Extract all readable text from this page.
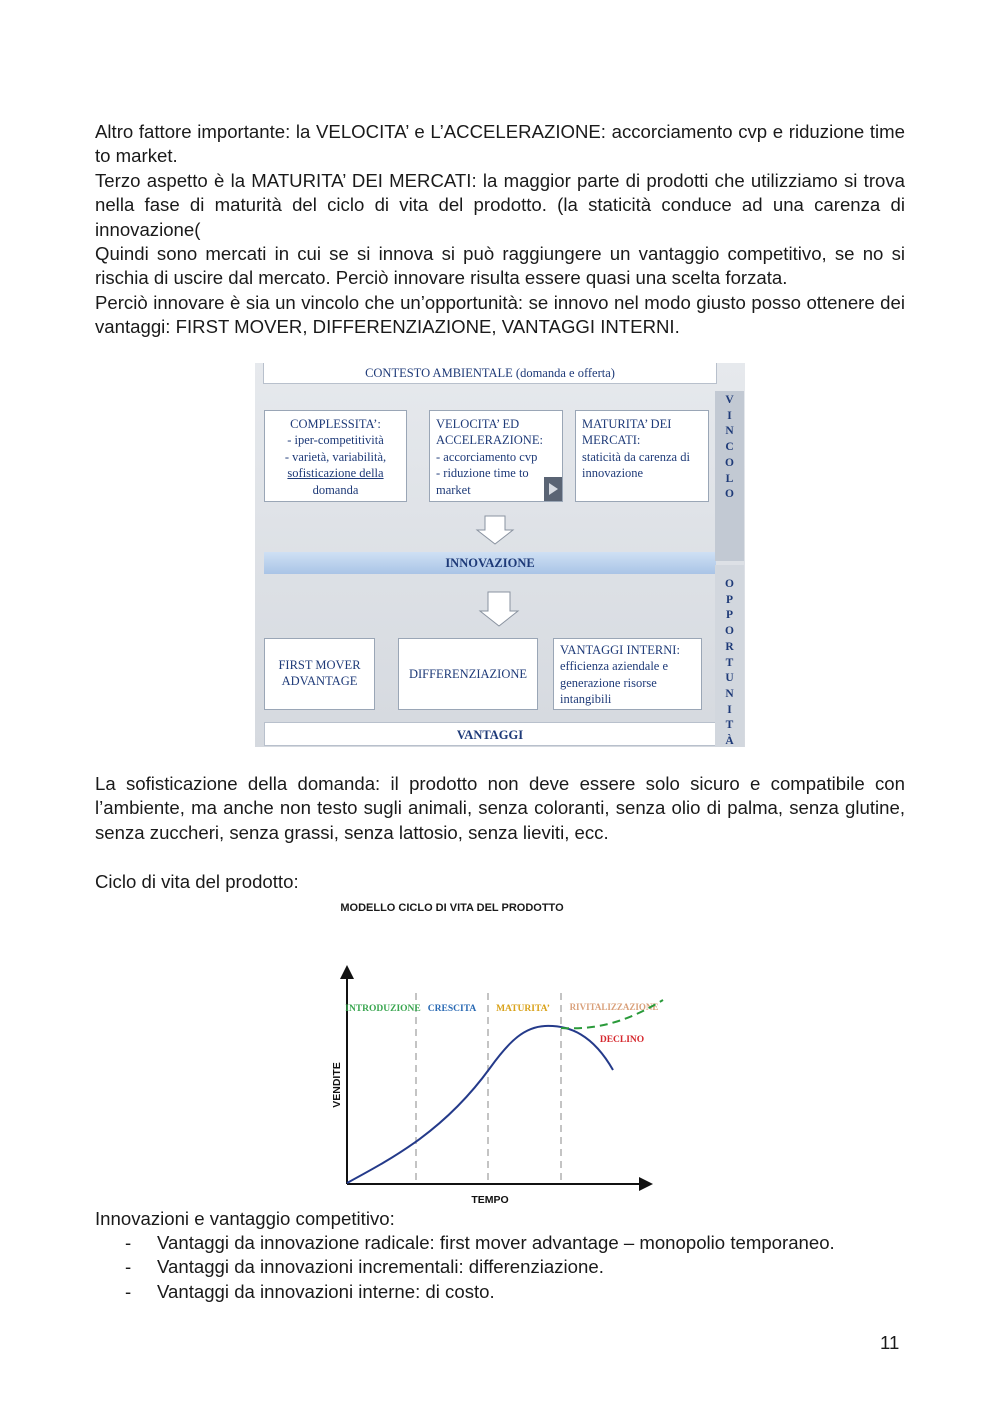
Altro fattore importante: la VELOCITA’ e L’ACCELERAZIONE: accorciamento cvp e riduzione time to market.

Terzo aspetto è la MATURITA’ DEI MERCATI: la maggior parte di prodotti che utilizziamo si trova nella fase di maturità del ciclo di vita del prodotto. (la staticità conduce ad una carenza di innovazione(

Quindi sono mercati in cui se si innova si può raggiungere un vantaggio competitivo, se no si rischia di uscire dal mercato. Perciò innovare risulta essere quasi una scelta forzata.

Perciò innovare è sia un vincolo che un’opportunità: se innovo nel modo giusto posso ottenere dei vantaggi: FIRST MOVER, DIFFERENZIAZIONE, VANTAGGI INTERNI.

CONTESTO AMBIENTALE (domanda e offerta)
COMPLESSITA’:
- iper-competitività
- varietà, variabilità,
sofisticazione della
domanda
VELOCITA’ ED
ACCELERAZIONE:
- accorciamento cvp
- riduzione time to
market
MATURITA’ DEI
MERCATI:
staticità da carenza di
innovazione
INNOVAZIONE
FIRST MOVER
ADVANTAGE
DIFFERENZIAZIONE
VANTAGGI INTERNI:
efficienza aziendale e
generazione risorse
intangibili
VANTAGGI
V
I
N
C
O
L
O
O
P
P
O
R
T
U
N
I
T
À
La sofisticazione della domanda: il prodotto non deve essere solo sicuro e compatibile con l’ambiente, ma anche non testo sugli animali, senza coloranti, senza olio di palma, senza glutine, senza zuccheri, senza grassi, senza lattosio, senza lieviti, ecc.
Ciclo di vita del prodotto:
MODELLO CICLO DI VITA DEL PRODOTTO
VENDITE
TEMPO
INTRODUZIONE CRESCITA MATURITA’ RIVITALIZZAZIONE
DECLINO
Innovazioni e vantaggio competitivo:
- Vantaggi da innovazione radicale: first mover advantage – monopolio temporaneo.
- Vantaggi da innovazioni incrementali: differenziazione.
- Vantaggi da innovazioni interne: di costo.
11
